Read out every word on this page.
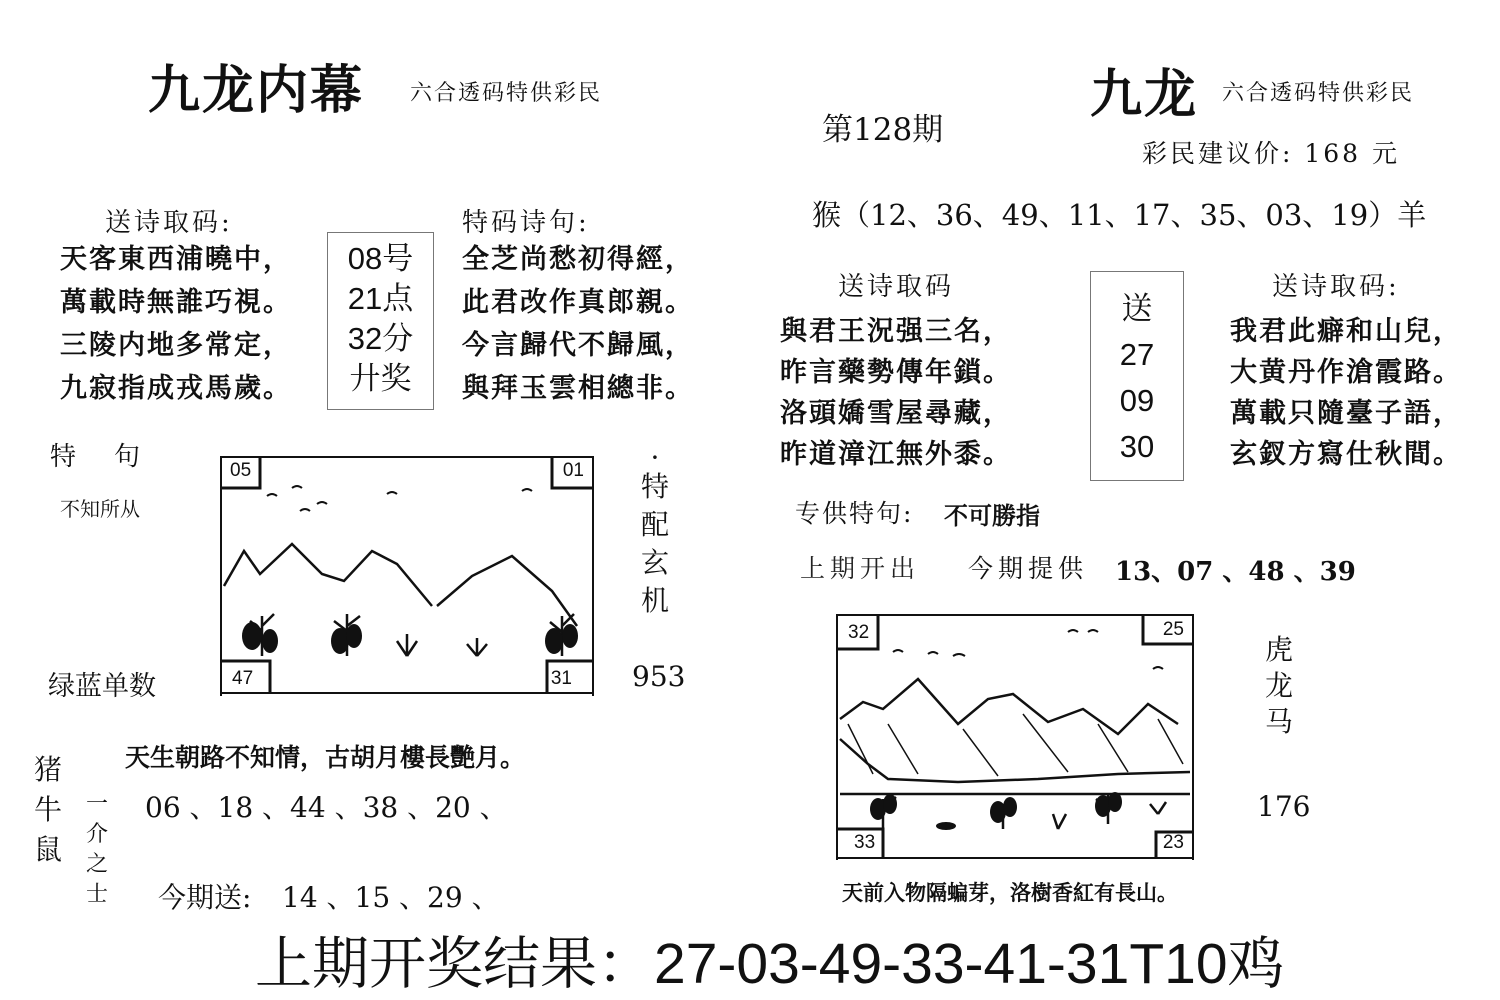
九龙内幕 六合透码特供彩民
送诗取码:
天客東西浦曉中，
萬載時無誰巧視。
三陵内地多常定，
九寂指成戎馬歲。
08号
21点
32分
廾奖
特码诗句:
全芝尚愁初得經，
此君改作真郎親。
今言歸代不歸風，
與拜玉雲相總非。
特　句
不知所从
05	01
47	31
·
特
配
玄
机
953
绿蓝单数
天生朝路不知情，古胡月樓長艷月。
猪
牛
鼠
一
介
之
士
06 、18 、44 、38 、20 、
今期送: 14 、15 、29 、
九龙 六合透码特供彩民
第128期
彩民建议价: 168 元
猴（12、36、49、11、17、35、03、19）羊
送诗取码
與君王況强三名，
昨言藥勢傳年鎖。
洛頭嬌雪屋尋藏，
昨道漳江無外黍。
送
27
09
30
送诗取码:
我君此癖和山兒，
大黄丹作滄霞路。
萬載只隨臺子語，
玄釵方寫仕秋間。
专供特句: 不可勝指
上期开出 今期提供 13、07 、48 、39
32	25
33	23
虎
龙
马
176
天前入物隔蝙芽，洛樹香紅有長山。
上期开奖结果：27-03-49-33-41-31T10鸡
